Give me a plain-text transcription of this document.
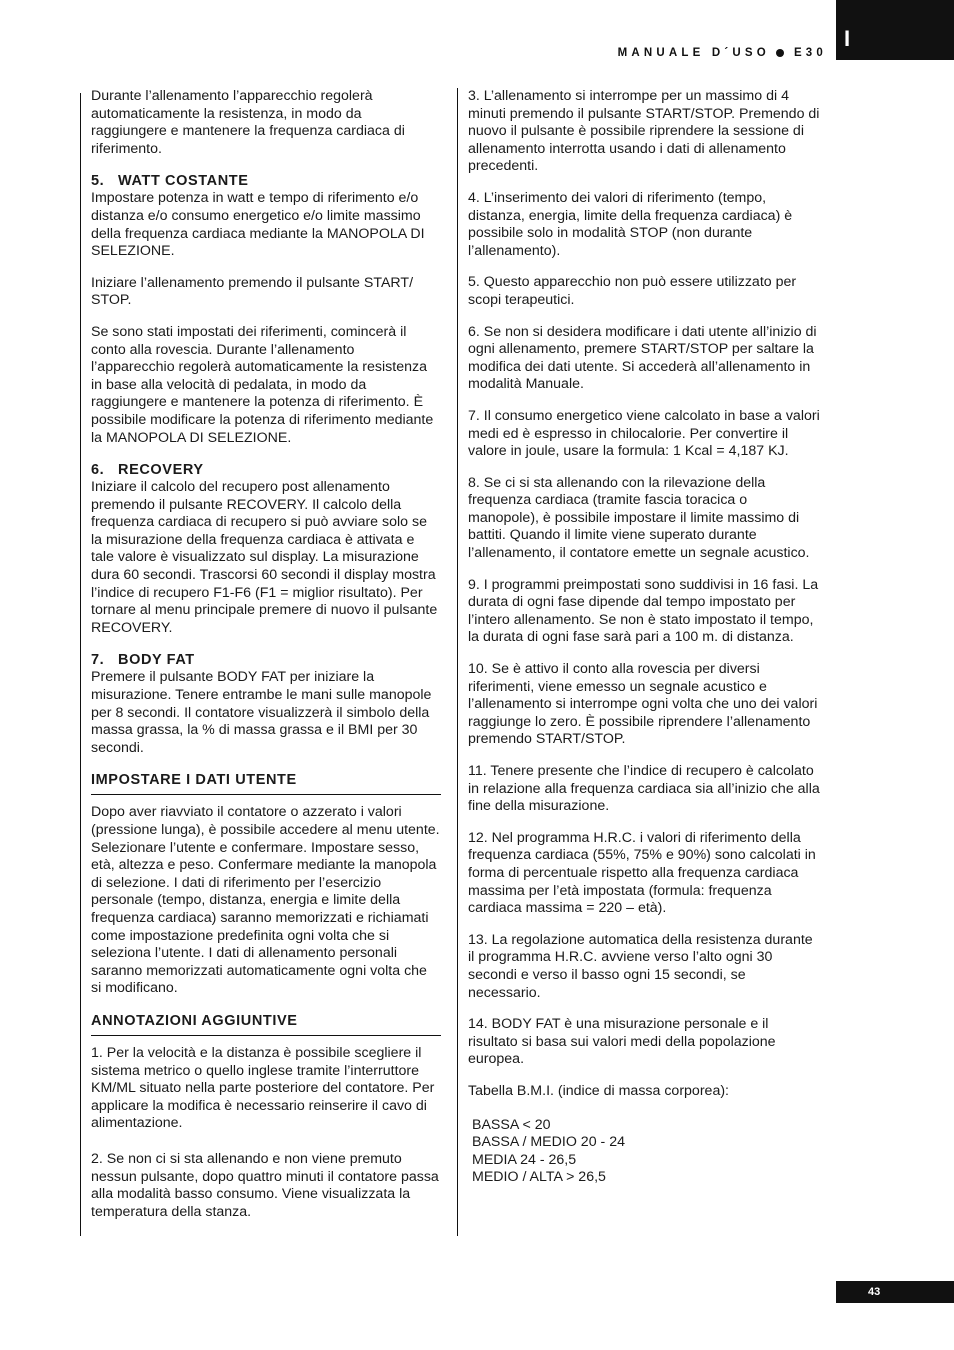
I
MANUALE D´USO E30

Durante l’allenamento l’apparecchio regolerà automaticamente la resistenza, in modo da raggiungere e mantenere la frequenza cardiaca di riferimento.

5. WATT COSTANTE

Impostare potenza in watt e tempo di riferimento e/o distanza e/o consumo energetico e/o limite massimo della frequenza cardiaca mediante la MANOPOLA DI SELEZIONE.

Iniziare l’allenamento premendo il pulsante START/ STOP.

Se sono stati impostati dei riferimenti, comincerà il conto alla rovescia. Durante l’allenamento l’apparecchio regolerà automaticamente la resistenza in base alla velocità di pedalata, in modo da raggiungere e mantenere la potenza di riferimento. È possibile modificare la potenza di riferimento mediante la MANOPOLA DI SELEZIONE.

6. RECOVERY

Iniziare il calcolo del recupero post allenamento premendo il pulsante RECOVERY. Il calcolo della frequenza cardiaca di recupero si può avviare solo se la misurazione della frequenza cardiaca è attivata e tale valore è visualizzato sul display. La misurazione dura 60 secondi. Trascorsi 60 secondi il display mostra l’indice di recupero F1-F6 (F1 = miglior risultato). Per tornare al menu principale premere di nuovo il pulsante RECOVERY.

7. BODY FAT

Premere il pulsante BODY FAT per iniziare la misurazione. Tenere entrambe le mani sulle manopole per 8 secondi. Il contatore visualizzerà il simbolo della massa grassa, la % di massa grassa e il BMI per 30 secondi.

IMPOSTARE I DATI UTENTE

Dopo aver riavviato il contatore o azzerato i valori (pressione lunga), è possibile accedere al menu utente. Selezionare l’utente e confermare. Impostare sesso, età, altezza e peso. Confermare mediante la manopola di selezione. I dati di riferimento per l’esercizio personale (tempo, distanza, energia e limite della frequenza cardiaca) saranno memorizzati e richiamati come impostazione predefinita ogni volta che si seleziona l’utente. I dati di allenamento personali saranno memorizzati automaticamente ogni volta che si modificano.

ANNOTAZIONI AGGIUNTIVE

1. Per la velocità e la distanza è possibile scegliere il sistema metrico o quello inglese tramite l’interruttore KM/ML situato nella parte posteriore del contatore. Per applicare la modifica è necessario reinserire il cavo di alimentazione.

2. Se non ci si sta allenando e non viene premuto nessun pulsante, dopo quattro minuti il contatore passa alla modalità basso consumo. Viene visualizzata la temperatura della stanza.

3. L’allenamento si interrompe per un massimo di 4 minuti premendo il pulsante START/STOP. Premendo di nuovo il pulsante è possibile riprendere la sessione di allenamento interrotta usando i dati di allenamento precedenti.

4. L’inserimento dei valori di riferimento (tempo, distanza, energia, limite della frequenza cardiaca) è possibile solo in modalità STOP (non durante l’allenamento).

5. Questo apparecchio non può essere utilizzato per scopi terapeutici.

6. Se non si desidera modificare i dati utente all’inizio di ogni allenamento, premere START/STOP per saltare la modifica dei dati utente. Si accederà all’allenamento in modalità Manuale.

7. Il consumo energetico viene calcolato in base a valori medi ed è espresso in chilocalorie. Per convertire il valore in joule, usare la formula: 1 Kcal = 4,187 KJ.

8. Se ci si sta allenando con la rilevazione della frequenza cardiaca (tramite fascia toracica o manopole), è possibile impostare il limite massimo di battiti. Quando il limite viene superato durante l’allenamento, il contatore emette un segnale acustico.

9. I programmi preimpostati sono suddivisi in 16 fasi. La durata di ogni fase dipende dal tempo impostato per l’intero allenamento. Se non è stato impostato il tempo, la durata di ogni fase sarà pari a 100 m. di distanza.

10. Se è attivo il conto alla rovescia per diversi riferimenti, viene emesso un segnale acustico e l’allenamento si interrompe ogni volta che uno dei valori raggiunge lo zero. È possibile riprendere l’allenamento premendo START/STOP.

11. Tenere presente che l’indice di recupero è calcolato in relazione alla frequenza cardiaca sia all’inizio che alla fine della misurazione.

12. Nel programma H.R.C. i valori di riferimento della frequenza cardiaca (55%, 75% e 90%) sono calcolati in forma di percentuale rispetto alla frequenza cardiaca massima per l’età impostata (formula: frequenza cardiaca massima = 220 – età).

13. La regolazione automatica della resistenza durante il programma H.R.C. avviene verso l’alto ogni 30 secondi e verso il basso ogni 15 secondi, se necessario.

14. BODY FAT è una misurazione personale e il risultato si basa sui valori medi della popolazione europea.

Tabella B.M.I. (indice di massa corporea):

BASSA < 20
BASSA / MEDIO 20 - 24
MEDIA 24 - 26,5
MEDIO / ALTA > 26,5
43
